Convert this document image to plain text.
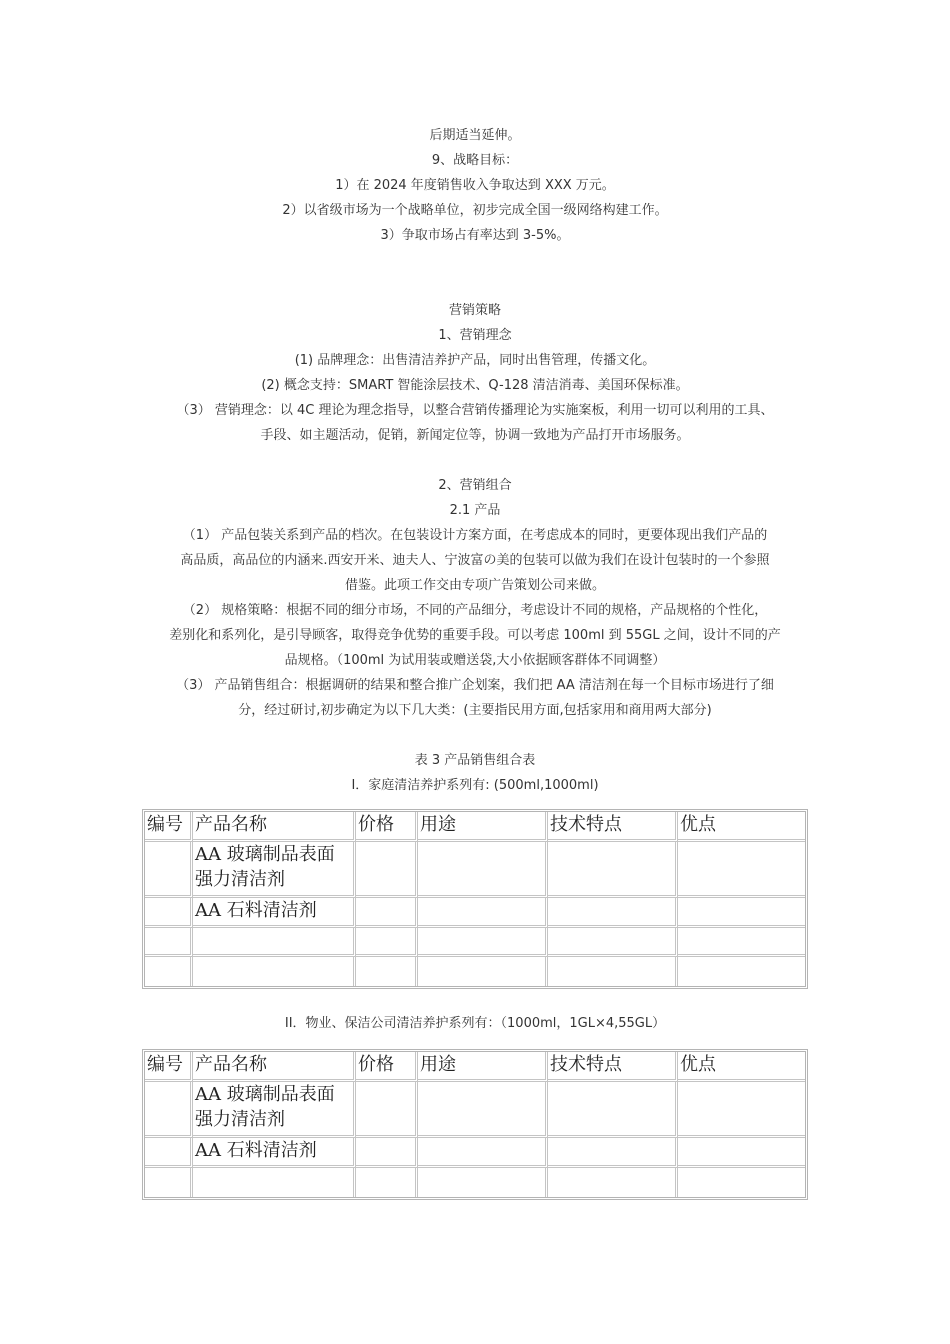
后期适当延伸。
9、战略目标：
1）在 2024 年度销售收入争取达到 XXX 万元。
2）以省级市场为一个战略单位，初步完成全国一级网络构建工作。
3）争取市场占有率达到 3-5%。
营销策略
1、营销理念
(1) 品牌理念：出售清洁养护产品，同时出售管理，传播文化。
(2) 概念支持：SMART 智能涂层技术、Q-128 清洁消毒、美国环保标准。
（3） 营销理念：以 4C 理论为理念指导，以整合营销传播理论为实施案板，利用一切可以利用的工具、
手段、如主题活动，促销，新闻定位等，协调一致地为产品打开市场服务。
2、营销组合
2.1 产品
（1） 产品包装关系到产品的档次。在包装设计方案方面，在考虑成本的同时，更要体现出我们产品的
高品质，高品位的内涵来.西安开米、迪夫人、宁波富の美的包装可以做为我们在设计包装时的一个参照
借鉴。此项工作交由专项广告策划公司来做。
（2） 规格策略：根据不同的细分市场，不同的产品细分，考虑设计不同的规格，产品规格的个性化，
差别化和系列化，是引导顾客，取得竞争优势的重要手段。可以考虑 100ml 到 55GL 之间，设计不同的产
品规格。（100ml 为试用装或赠送袋,大小依据顾客群体不同调整）
（3） 产品销售组合：根据调研的结果和整合推广企划案，我们把 AA 清洁剂在每一个目标市场进行了细
分，经过研讨,初步确定为以下几大类：(主要指民用方面,包括家用和商用两大部分)
表 3 产品销售组合表
I．家庭清洁养护系列有: (500ml,1000ml)
编号	产品名称	价格	用途	技术特点	优点
	AA 玻璃制品表面强力清洁剂				
	AA 石料清洁剂				

II．物业、保洁公司清洁养护系列有：（1000ml，1GL×4,55GL）
编号	产品名称	价格	用途	技术特点	优点
	AA 玻璃制品表面强力清洁剂				
	AA 石料清洁剂				
